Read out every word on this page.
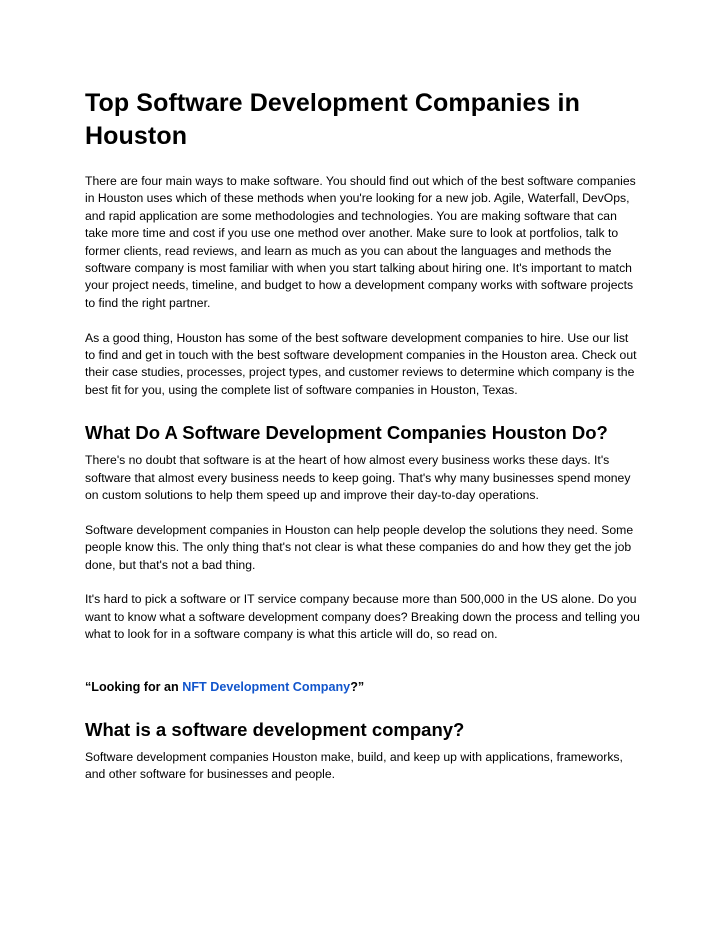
Top Software Development Companies in Houston

There are four main ways to make software. You should find out which of the best software companies in Houston uses which of these methods when you're looking for a new job. Agile, Waterfall, DevOps, and rapid application are some methodologies and technologies. You are making software that can take more time and cost if you use one method over another. Make sure to look at portfolios, talk to former clients, read reviews, and learn as much as you can about the languages and methods the software company is most familiar with when you start talking about hiring one. It's important to match your project needs, timeline, and budget to how a development company works with software projects to find the right partner.

As a good thing, Houston has some of the best software development companies to hire. Use our list to find and get in touch with the best software development companies in the Houston area. Check out their case studies, processes, project types, and customer reviews to determine which company is the best fit for you, using the complete list of software companies in Houston, Texas.

What Do A Software Development Companies Houston Do?

There's no doubt that software is at the heart of how almost every business works these days. It's software that almost every business needs to keep going. That's why many businesses spend money on custom solutions to help them speed up and improve their day-to-day operations.

Software development companies in Houston can help people develop the solutions they need. Some people know this. The only thing that's not clear is what these companies do and how they get the job done, but that's not a bad thing.

It's hard to pick a software or IT service company because more than 500,000 in the US alone. Do you want to know what a software development company does? Breaking down the process and telling you what to look for in a software company is what this article will do, so read on.

“Looking for an NFT Development Company?”

What is a software development company?

Software development companies Houston make, build, and keep up with applications, frameworks, and other software for businesses and people.
